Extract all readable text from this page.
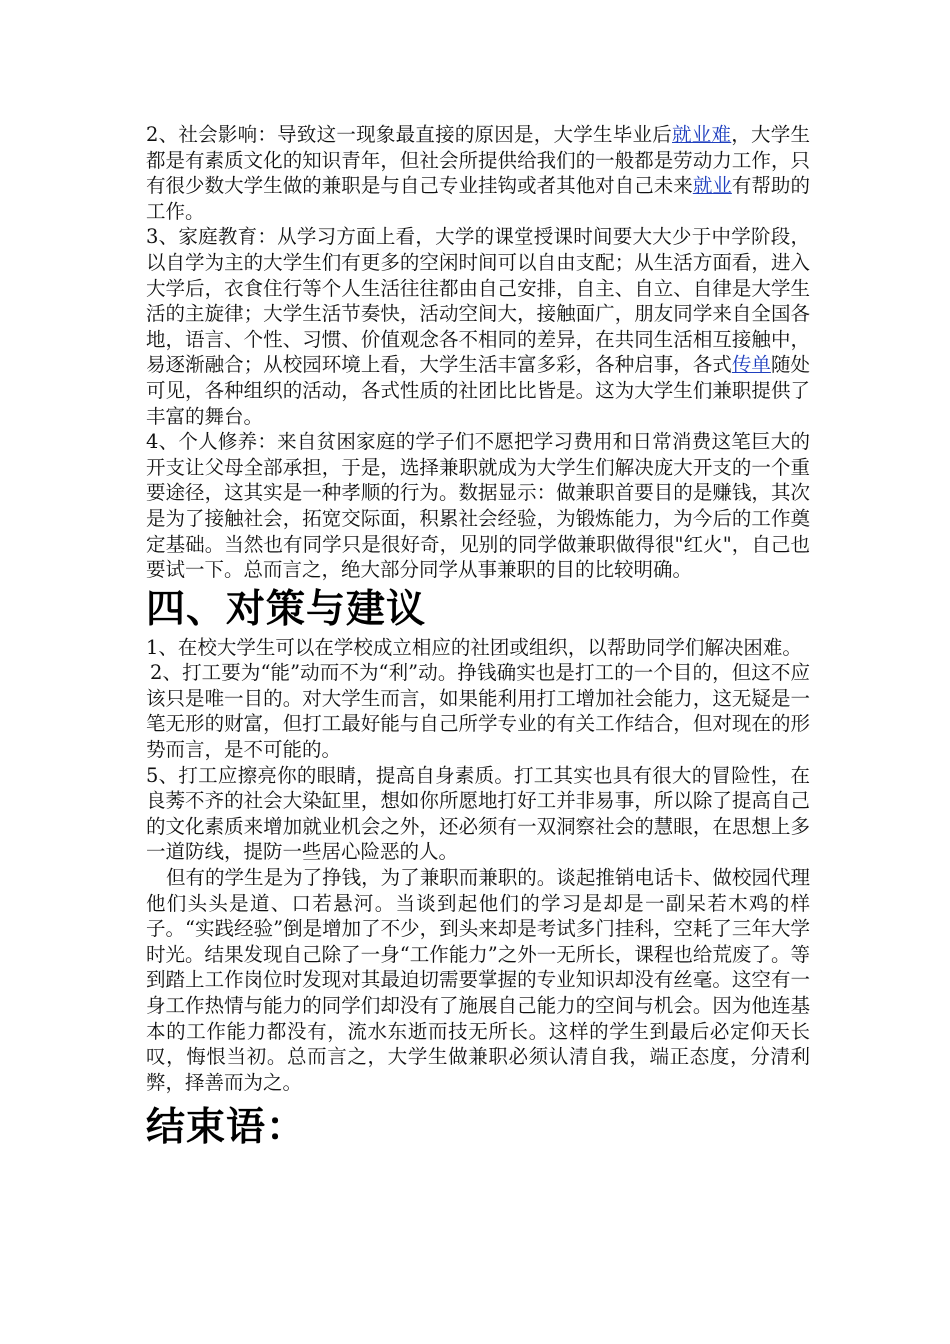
2、社会影响：导致这一现象最直接的原因是，大学生毕业后就业难，大学生都是有素质文化的知识青年，但社会所提供给我们的一般都是劳动力工作，只有很少数大学生做的兼职是与自己专业挂钩或者其他对自己未来就业有帮助的工作。

3、家庭教育：从学习方面上看，大学的课堂授课时间要大大少于中学阶段，以自学为主的大学生们有更多的空闲时间可以自由支配；从生活方面看，进入大学后，衣食住行等个人生活往往都由自己安排，自主、自立、自律是大学生活的主旋律；大学生活节奏快，活动空间大，接触面广，朋友同学来自全国各地，语言、个性、习惯、价值观念各不相同的差异，在共同生活相互接触中，易逐渐融合；从校园环境上看，大学生活丰富多彩，各种启事，各式传单随处可见，各种组织的活动，各式性质的社团比比皆是。这为大学生们兼职提供了丰富的舞台。

4、个人修养：来自贫困家庭的学子们不愿把学习费用和日常消费这笔巨大的开支让父母全部承担，于是，选择兼职就成为大学生们解决庞大开支的一个重要途径，这其实是一种孝顺的行为。数据显示：做兼职首要目的是赚钱，其次是为了接触社会，拓宽交际面，积累社会经验，为锻炼能力，为今后的工作奠定基础。当然也有同学只是很好奇，见别的同学做兼职做得很"红火"，自己也要试一下。总而言之，绝大部分同学从事兼职的目的比较明确。

四、对策与建议

1、在校大学生可以在学校成立相应的社团或组织，以帮助同学们解决困难。

2、打工要为“能”动而不为“利”动。挣钱确实也是打工的一个目的，但这不应该只是唯一目的。对大学生而言，如果能利用打工增加社会能力，这无疑是一笔无形的财富，但打工最好能与自己所学专业的有关工作结合，但对现在的形势而言，是不可能的。

5、打工应擦亮你的眼睛，提高自身素质。打工其实也具有很大的冒险性，在良莠不齐的社会大染缸里，想如你所愿地打好工并非易事，所以除了提高自己的文化素质来增加就业机会之外，还必须有一双洞察社会的慧眼，在思想上多一道防线，提防一些居心险恶的人。

但有的学生是为了挣钱，为了兼职而兼职的。谈起推销电话卡、做校园代理他们头头是道、口若悬河。当谈到起他们的学习是却是一副呆若木鸡的样子。“实践经验”倒是增加了不少，到头来却是考试多门挂科，空耗了三年大学时光。结果发现自己除了一身“工作能力”之外一无所长，课程也给荒废了。等到踏上工作岗位时发现对其最迫切需要掌握的专业知识却没有丝毫。这空有一身工作热情与能力的同学们却没有了施展自己能力的空间与机会。因为他连基本的工作能力都没有，流水东逝而技无所长。这样的学生到最后必定仰天长叹，悔恨当初。总而言之，大学生做兼职必须认清自我，端正态度，分清利弊，择善而为之。

结束语：
